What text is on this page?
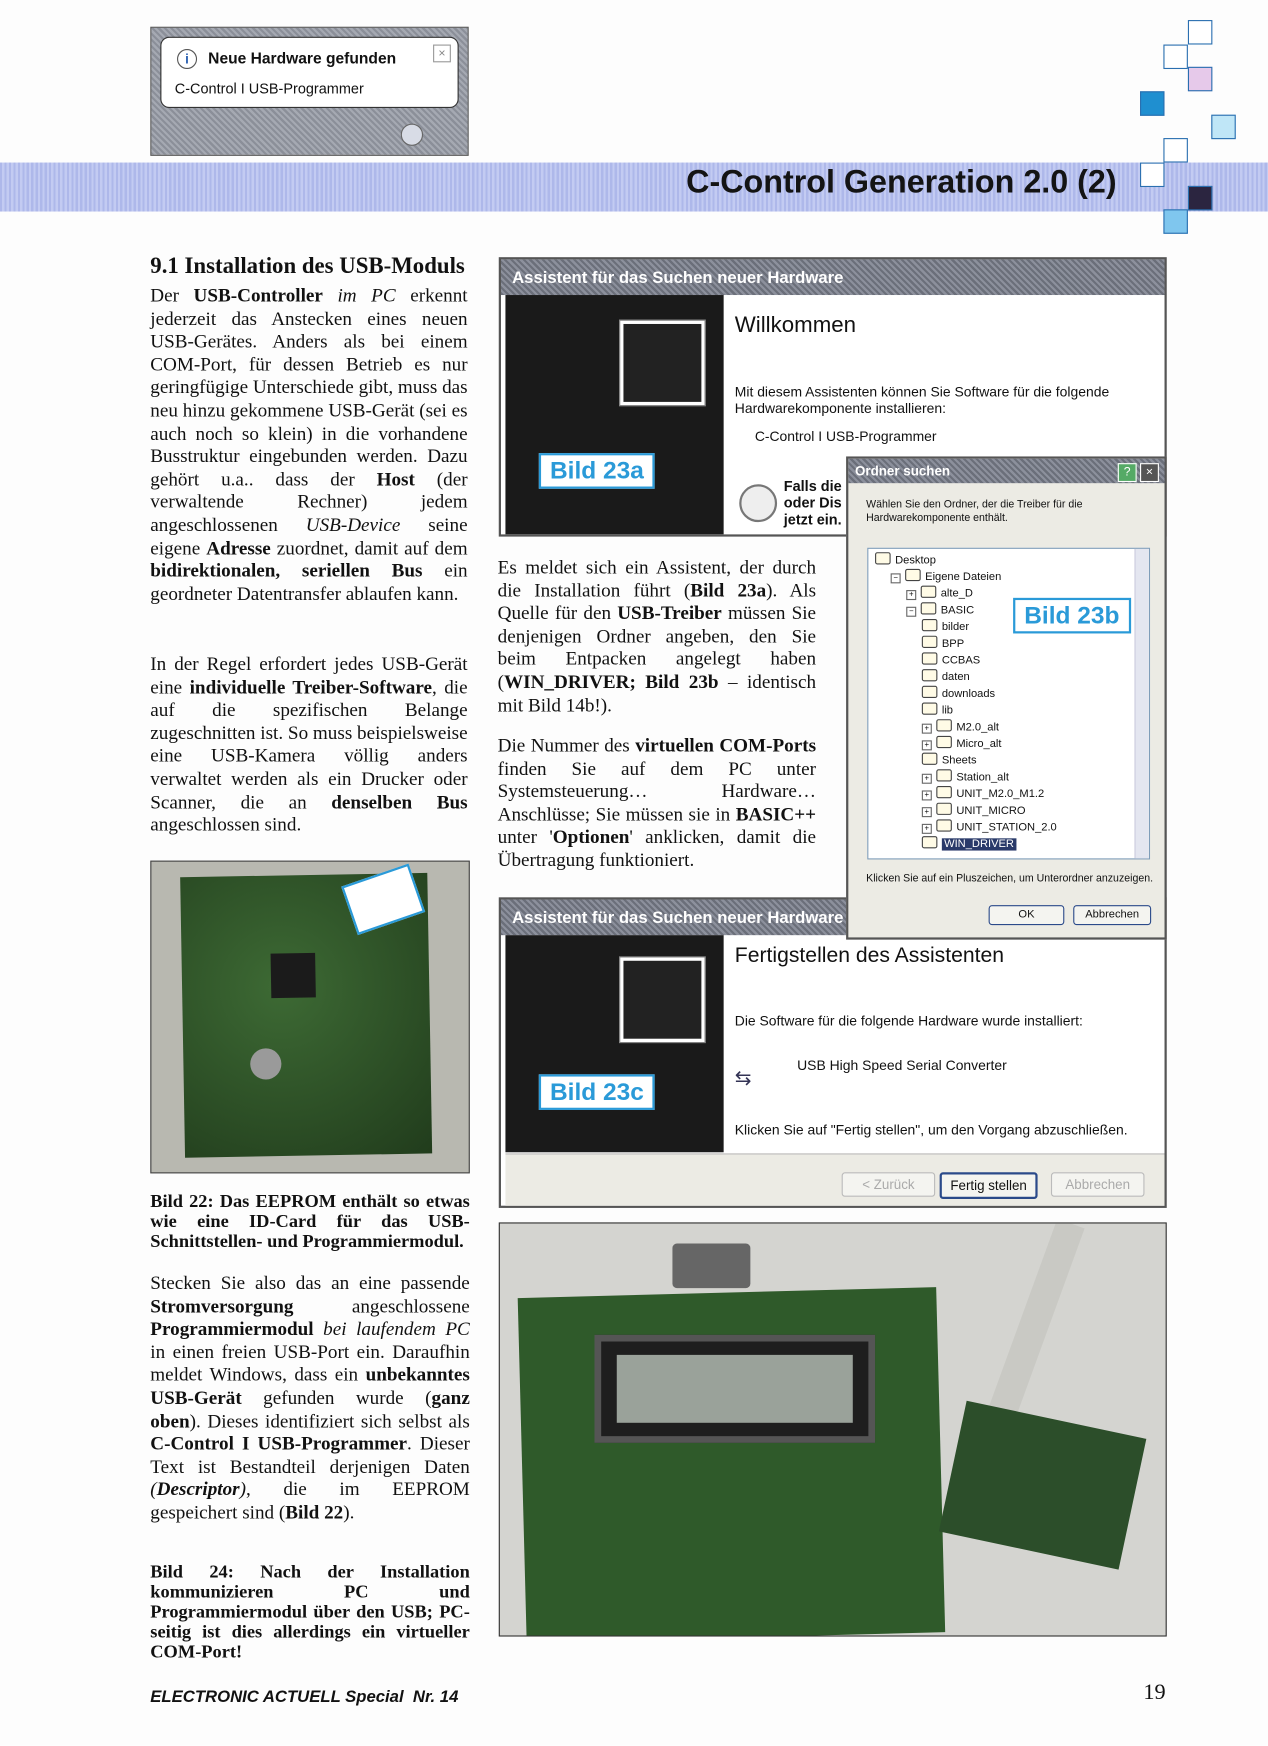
i	Neue Hardware gefunden	×
C-Control I USB-Programmer
C-Control Generation 2.0 (2)
9.1 Installation des USB-Moduls
Der USB-Controller im PC erkennt jederzeit das Anstecken eines neuen USB-Gerätes. Anders als bei einem COM-Port, für dessen Betrieb es nur geringfügige Unterschiede gibt, muss das neu hinzu gekommene USB-Gerät (sei es auch noch so klein) in die vorhandene Busstruktur eingebunden werden. Dazu gehört u.a.. dass der Host (der verwaltende Rechner) jedem angeschlossenen USB-Device seine eigene Adresse zuordnet, damit auf dem bidirektionalen, seriellen Bus ein geordneter Datentransfer ablaufen kann.
In der Regel erfordert jedes USB-Gerät eine individuelle Treiber-Software, die auf die spezifischen Belange zugeschnitten ist. So muss beispielsweise eine USB-Kamera völlig anders verwaltet werden als ein Drucker oder Scanner, die an denselben Bus angeschlossen sind.
Bild 22: Das EEPROM enthält so etwas wie eine ID-Card für das USB-Schnittstellen- und Programmiermodul.
Stecken Sie also das an eine passende Stromversorgung angeschlossene Programmiermodul bei laufendem PC in einen freien USB-Port ein. Daraufhin meldet Windows, dass ein unbekanntes USB-Gerät gefunden wurde (ganz oben). Dieses identifiziert sich selbst als C-Control I USB-Programmer. Dieser Text ist Bestandteil derjenigen Daten (Descriptor), die im EEPROM gespeichert sind (Bild 22).
Bild 24: Nach der Installation kommunizieren PC und Programmiermodul über den USB; PC-seitig ist dies allerdings ein virtueller COM-Port!
Es meldet sich ein Assistent, der durch die Installation führt (Bild 23a). Als Quelle für den USB-Treiber müssen Sie denjenigen Ordner angeben, den Sie beim Entpacken angelegt haben (WIN_DRIVER; Bild 23b – identisch mit Bild 14b!).
Die Nummer des virtuellen COM-Ports finden Sie auf dem PC unter Systemsteuerung… Hardware… Anschlüsse; Sie müssen sie in BASIC++ unter 'Optionen' anklicken, damit die Übertragung funktioniert.
Assistent für das Suchen neuer Hardware
Bild 23a
Willkommen
Mit diesem Assistenten können Sie Software für die folgende Hardwarekomponente installieren:
C-Control I USB-Programmer
Falls die
oder Dis
jetzt ein.
Assistent für das Suchen neuer Hardware
Bild 23c
Fertigstellen des Assistenten
Die Software für die folgende Hardware wurde installiert:
⇆
USB High Speed Serial Converter
Klicken Sie auf "Fertig stellen", um den Vorgang abzuschließen.
< Zurück	Fertig stellen	Abbrechen
Ordner suchen	?	×
Wählen Sie den Ordner, der die Treiber für die Hardwarekomponente enthält.
Desktop
−	Eigene Dateien
+	alte_D
−	BASIC
bilder
BPP
CCBAS
daten
downloads
lib
+	M2.0_alt
+	Micro_alt
Sheets
+	Station_alt
+	UNIT_M2.0_M1.2
+	UNIT_MICRO
+	UNIT_STATION_2.0
WIN_DRIVER
Bild 23b
Klicken Sie auf ein Pluszeichen, um Unterordner anzuzeigen.
OK	Abbrechen
ELECTRONIC ACTUELL Special  Nr. 14	19
